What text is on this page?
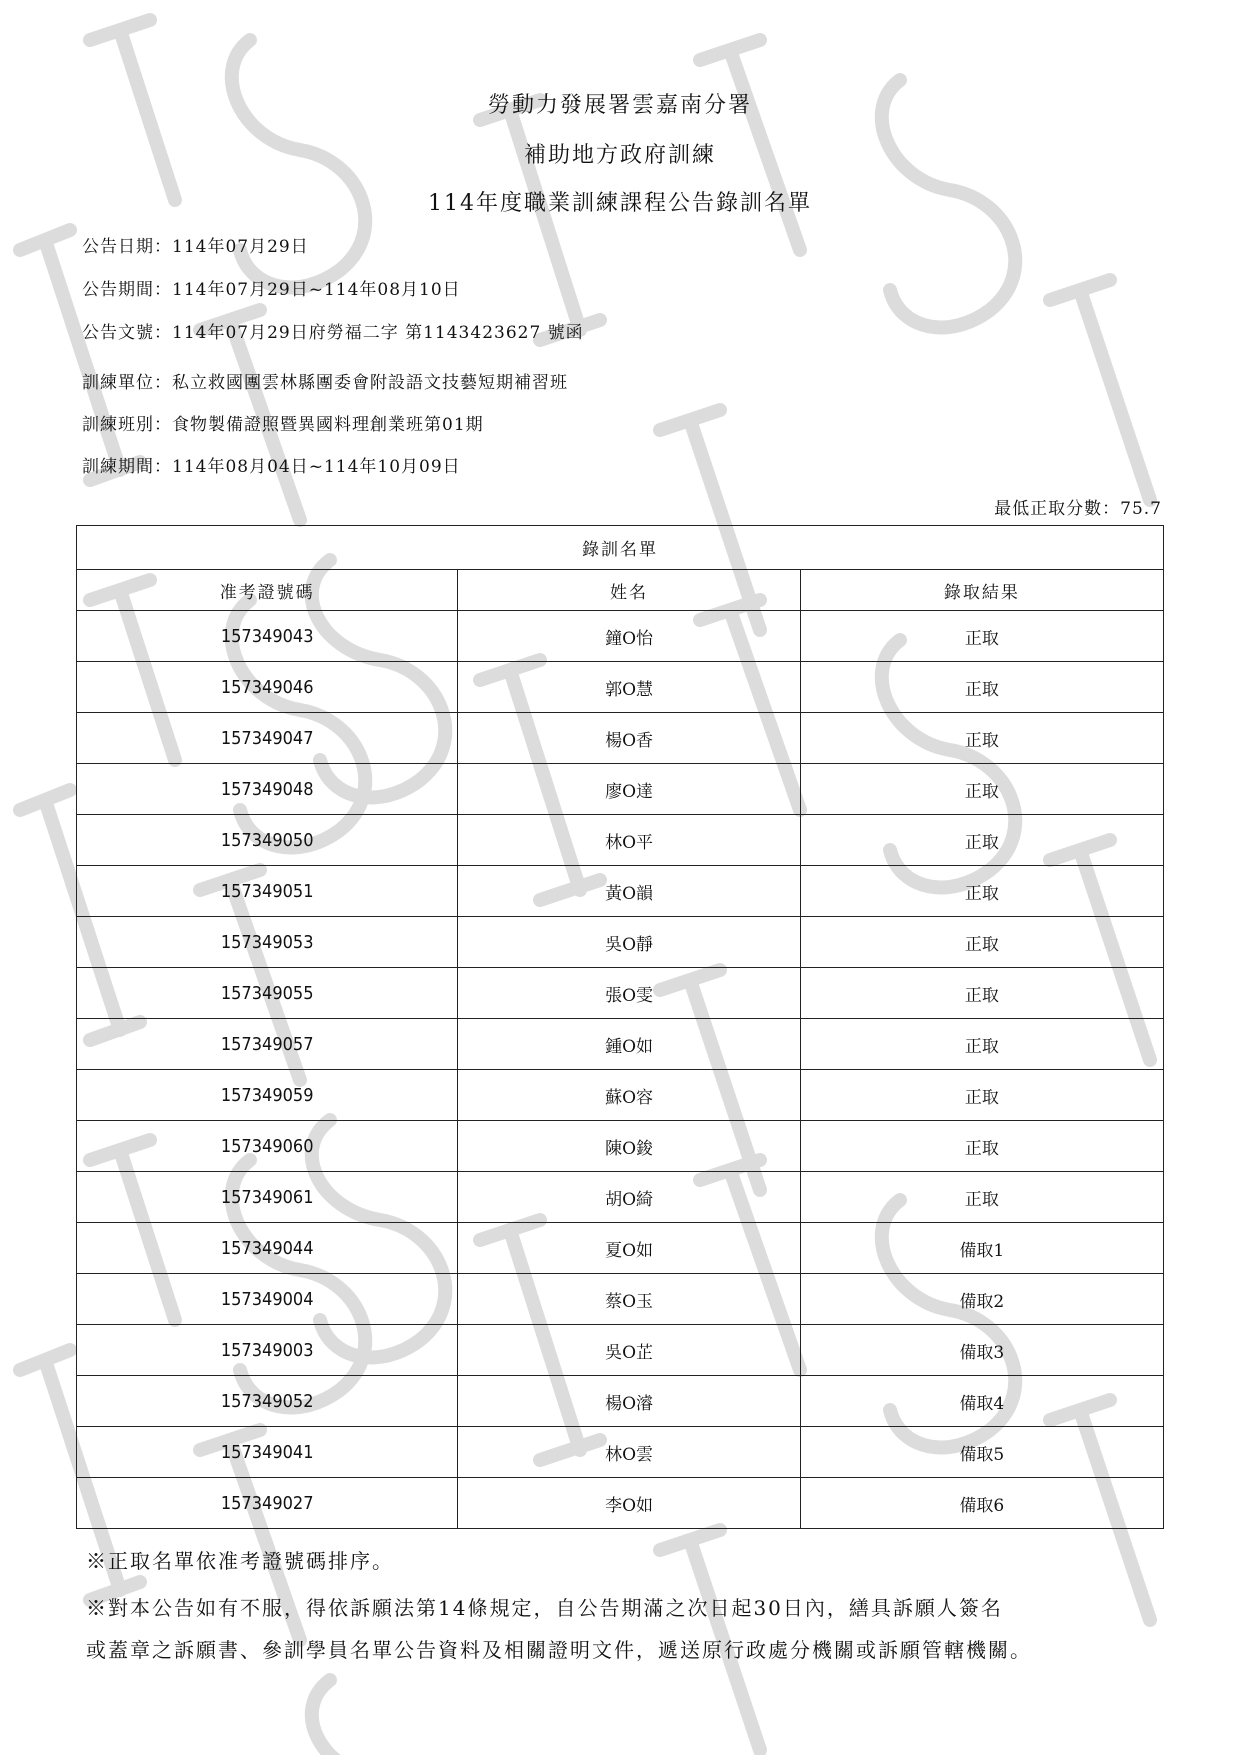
勞動力發展署雲嘉南分署
補助地方政府訓練
114年度職業訓練課程公告錄訓名單
公告日期：114年07月29日
公告期間：114年07月29日~114年08月10日
公告文號：114年07月29日府勞福二字 第1143423627 號函
訓練單位：私立救國團雲林縣團委會附設語文技藝短期補習班
訓練班別：食物製備證照暨異國料理創業班第01期
訓練期間：114年08月04日~114年10月09日
最低正取分數：75.7
錄訓名單		
准考證號碼	姓名	錄取結果
157349043	鐘O怡	正取
157349046	郭O慧	正取
157349047	楊O香	正取
157349048	廖O達	正取
157349050	林O平	正取
157349051	黃O韻	正取
157349053	吳O靜	正取
157349055	張O雯	正取
157349057	鍾O如	正取
157349059	蘇O容	正取
157349060	陳O鋑	正取
157349061	胡O綺	正取
157349044	夏O如	備取1
157349004	蔡O玉	備取2
157349003	吳O芷	備取3
157349052	楊O濬	備取4
157349041	林O雲	備取5
157349027	李O如	備取6
※正取名單依准考證號碼排序。
※對本公告如有不服，得依訴願法第14條規定，自公告期滿之次日起30日內，繕具訴願人簽名
或蓋章之訴願書、參訓學員名單公告資料及相關證明文件，遞送原行政處分機關或訴願管轄機關。
